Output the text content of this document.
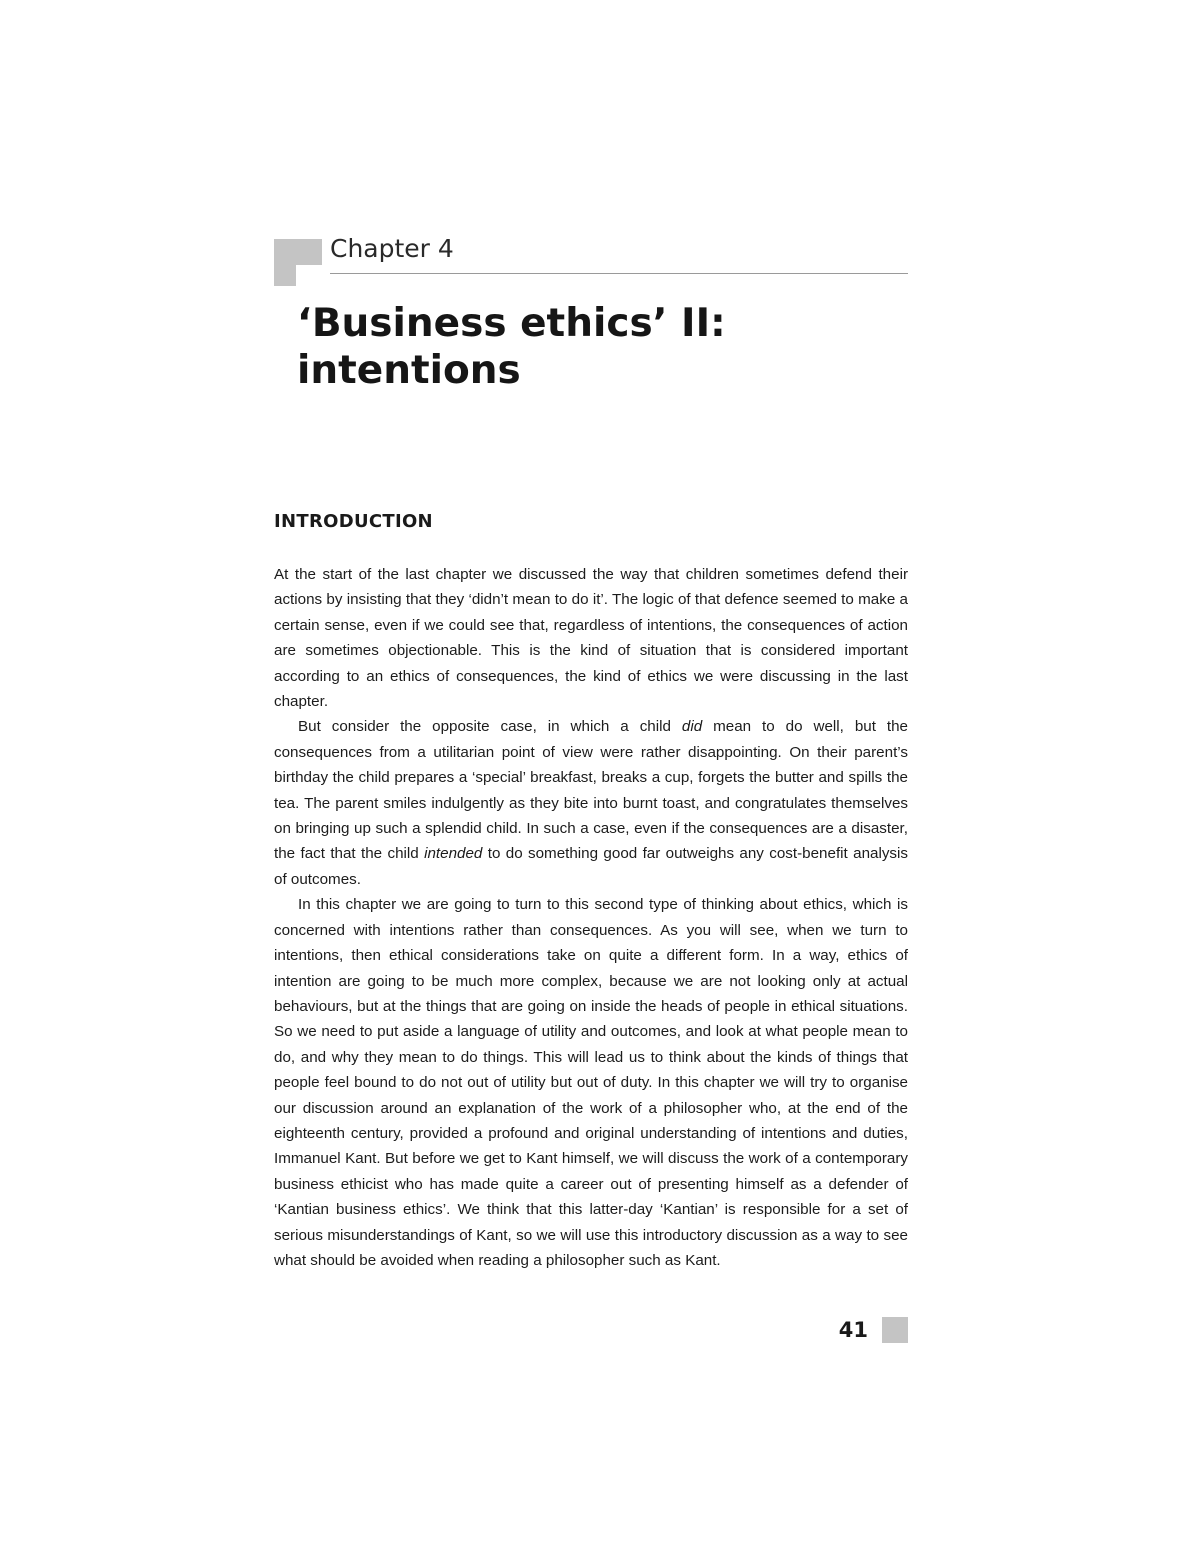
Chapter 4
‘Business ethics’ II: intentions
INTRODUCTION

At the start of the last chapter we discussed the way that children sometimes defend their actions by insisting that they ‘didn’t mean to do it’. The logic of that defence seemed to make a certain sense, even if we could see that, regardless of intentions, the consequences of action are sometimes objectionable. This is the kind of situation that is considered important according to an ethics of consequences, the kind of ethics we were discussing in the last chapter.

But consider the opposite case, in which a child did mean to do well, but the consequences from a utilitarian point of view were rather disappointing. On their parent’s birthday the child prepares a ‘special’ breakfast, breaks a cup, forgets the butter and spills the tea. The parent smiles indulgently as they bite into burnt toast, and congratulates themselves on bringing up such a splendid child. In such a case, even if the consequences are a disaster, the fact that the child intended to do something good far outweighs any cost-benefit analysis of outcomes.

In this chapter we are going to turn to this second type of thinking about ethics, which is concerned with intentions rather than consequences. As you will see, when we turn to intentions, then ethical considerations take on quite a different form. In a way, ethics of intention are going to be much more complex, because we are not looking only at actual behaviours, but at the things that are going on inside the heads of people in ethical situations. So we need to put aside a language of utility and outcomes, and look at what people mean to do, and why they mean to do things. This will lead us to think about the kinds of things that people feel bound to do not out of utility but out of duty. In this chapter we will try to organise our discussion around an explanation of the work of a philosopher who, at the end of the eighteenth century, provided a profound and original understanding of intentions and duties, Immanuel Kant. But before we get to Kant himself, we will discuss the work of a contemporary business ethicist who has made quite a career out of presenting himself as a defender of ‘Kantian business ethics’. We think that this latter-day ‘Kantian’ is responsible for a set of serious misunderstandings of Kant, so we will use this introductory discussion as a way to see what should be avoided when reading a philosopher such as Kant.

41
